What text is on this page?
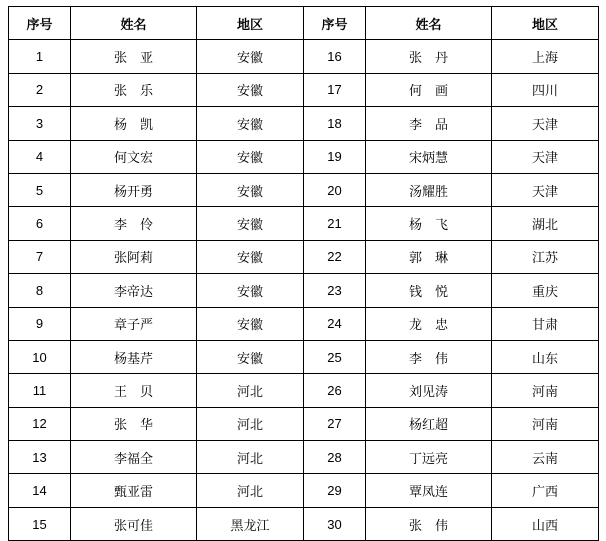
序号	姓名	地区	序号	姓名	地区
1	张　亚	安徽	16	张　丹	上海
2	张　乐	安徽	17	何　画	四川
3	杨　凯	安徽	18	李　品	天津
4	何文宏	安徽	19	宋炳慧	天津
5	杨开勇	安徽	20	汤耀胜	天津
6	李　伶	安徽	21	杨　飞	湖北
7	张阿莉	安徽	22	郭　琳	江苏
8	李帝达	安徽	23	钱　悦	重庆
9	章子严	安徽	24	龙　忠	甘肃
10	杨基芹	安徽	25	李　伟	山东
11	王　贝	河北	26	刘见涛	河南
12	张　华	河北	27	杨红超	河南
13	李福全	河北	28	丁远亮	云南
14	甄亚雷	河北	29	覃凤连	广西
15	张可佳	黑龙江	30	张　伟	山西
